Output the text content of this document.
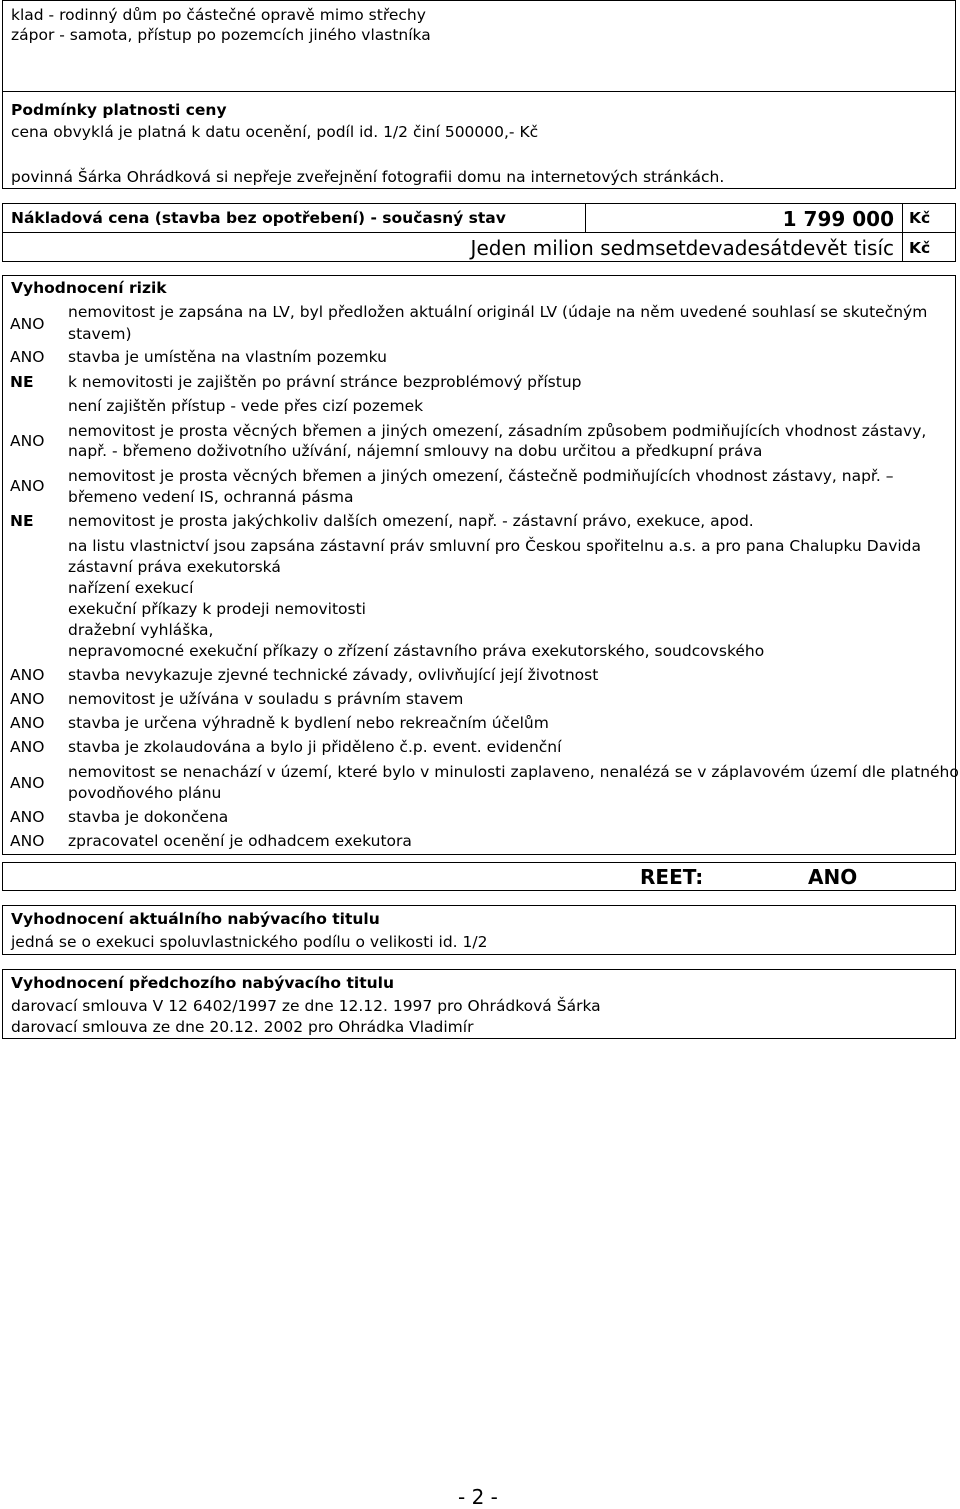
klad - rodinný dům po částečné opravě mimo střechy
zápor - samota, přístup po pozemcích jiného vlastníka
Podmínky platnosti ceny
cena obvyklá je platná k datu ocenění, podíl id. 1/2 činí 500000,- Kč
povinná Šárka Ohrádková si nepřeje zveřejnění fotografii domu na internetových stránkách.
Nákladová cena (stavba bez opotřebení) - současný stav	1 799 000 Kč
Jeden milion sedmsetdevadesátdevět tisíc Kč
Vyhodnocení rizik
ANO
nemovitost je zapsána na LV, byl předložen aktuální originál LV (údaje na něm uvedené souhlasí se skutečným
stavem)
ANO stavba je umístěna na vlastním pozemku
NE k nemovitosti je zajištěn po právní stránce bezproblémový přístup
není zajištěn přístup - vede přes cizí pozemek
ANO
nemovitost je prosta věcných břemen a jiných omezení, zásadním způsobem podmiňujících vhodnost zástavy,
např. - břemeno doživotního užívání, nájemní smlouvy na dobu určitou a předkupní práva
ANO
nemovitost je prosta věcných břemen a jiných omezení, částečně podmiňujících vhodnost zástavy, např. –
břemeno vedení IS, ochranná pásma
NE nemovitost je prosta jakýchkoliv dalších omezení, např. - zástavní právo, exekuce, apod.
na listu vlastnictví jsou zapsána zástavní práv smluvní pro Českou spořitelnu a.s. a pro pana Chalupku Davida
zástavní práva exekutorská
nařízení exekucí
exekuční příkazy k prodeji nemovitosti
dražební vyhláška,
nepravomocné exekuční příkazy o zřízení zástavního práva exekutorského, soudcovského
ANO stavba nevykazuje zjevné technické závady, ovlivňující její životnost
ANO nemovitost je užívána v souladu s právním stavem
ANO stavba je určena výhradně k bydlení nebo rekreačním účelům
ANO stavba je zkolaudována a bylo ji přiděleno č.p. event. evidenční
ANO
nemovitost se nenachází v území, které bylo v minulosti zaplaveno, nenalézá se v záplavovém území dle platného
povodňového plánu
ANO stavba je dokončena
ANO zpracovatel ocenění je odhadcem exekutora
REET:	ANO
Vyhodnocení aktuálního nabývacího titulu
jedná se o exekuci spoluvlastnického podílu o velikosti id. 1/2
Vyhodnocení předchozího nabývacího titulu
darovací smlouva V 12 6402/1997 ze dne 12.12. 1997 pro Ohrádková Šárka
darovací smlouva ze dne 20.12. 2002 pro Ohrádka Vladimír
- 2 -
